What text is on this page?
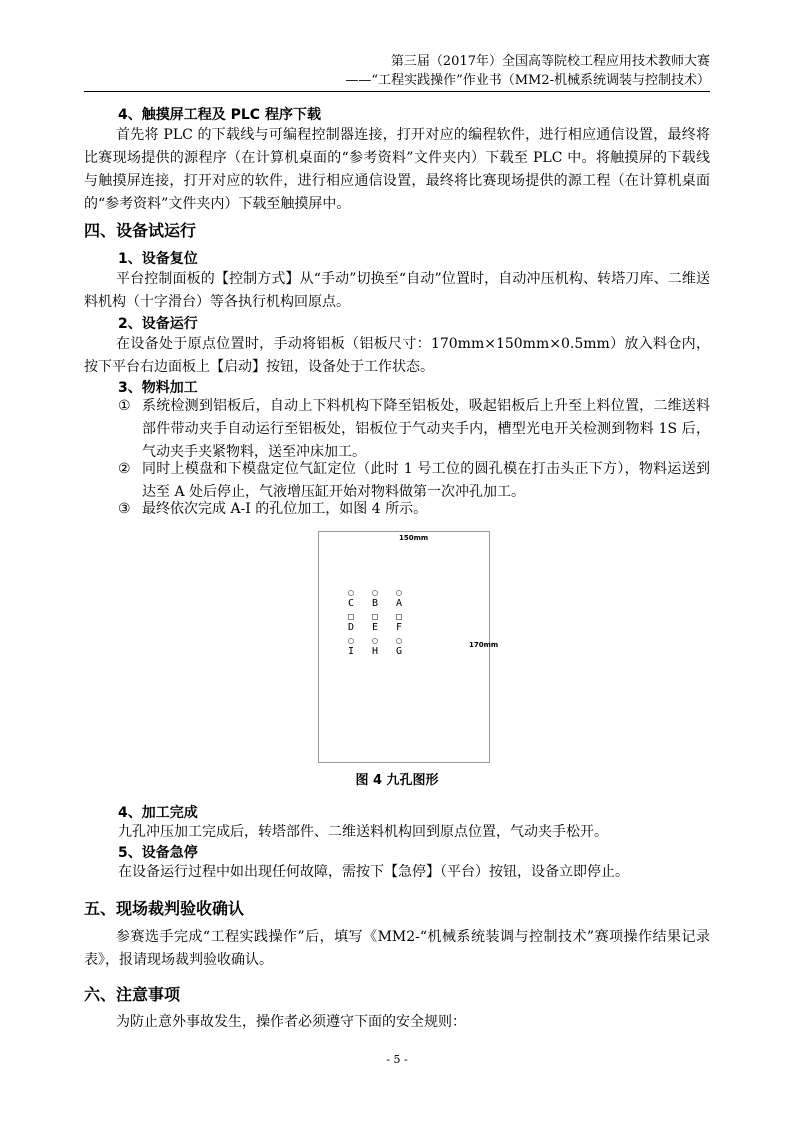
第三届（2017年）全国高等院校工程应用技术教师大赛
——“工程实践操作”作业书（MM2-机械系统调装与控制技术）
4、触摸屏工程及 PLC 程序下载
首先将 PLC 的下载线与可编程控制器连接，打开对应的编程软件，进行相应通信设置，最终将比赛现场提供的源程序（在计算机桌面的“参考资料”文件夹内）下载至 PLC 中。将触摸屏的下载线与触摸屏连接，打开对应的软件，进行相应通信设置，最终将比赛现场提供的源工程（在计算机桌面的“参考资料”文件夹内）下载至触摸屏中。
四、设备试运行
1、设备复位
平台控制面板的【控制方式】从“手动”切换至“自动”位置时，自动冲压机构、转塔刀库、二维送料机构（十字滑台）等各执行机构回原点。
2、设备运行
在设备处于原点位置时，手动将铝板（铝板尺寸：170mm×150mm×0.5mm）放入料仓内，按下平台右边面板上【启动】按钮，设备处于工作状态。
3、物料加工
① 系统检测到铝板后，自动上下料机构下降至铝板处，吸起铝板后上升至上料位置，二维送料部件带动夹手自动运行至铝板处，铝板位于气动夹手内，槽型光电开关检测到物料 1S 后，气动夹手夹紧物料，送至冲床加工。
② 同时上模盘和下模盘定位气缸定位（此时 1 号工位的圆孔模在打击头正下方），物料运送到达至 A 处后停止，气液增压缸开始对物料做第一次冲孔加工。
③ 最终依次完成 A-I 的孔位加工，如图 4 所示。
150mm
170mm
C	B	A
D	E	F
I	H	G
图 4 九孔图形
4、加工完成
九孔冲压加工完成后，转塔部件、二维送料机构回到原点位置，气动夹手松开。
5、设备急停
在设备运行过程中如出现任何故障，需按下【急停】（平台）按钮，设备立即停止。
五、现场裁判验收确认
参赛选手完成“工程实践操作”后，填写《MM2-“机械系统装调与控制技术”赛项操作结果记录表》，报请现场裁判验收确认。
六、注意事项
为防止意外事故发生，操作者必须遵守下面的安全规则：
- 5 -
